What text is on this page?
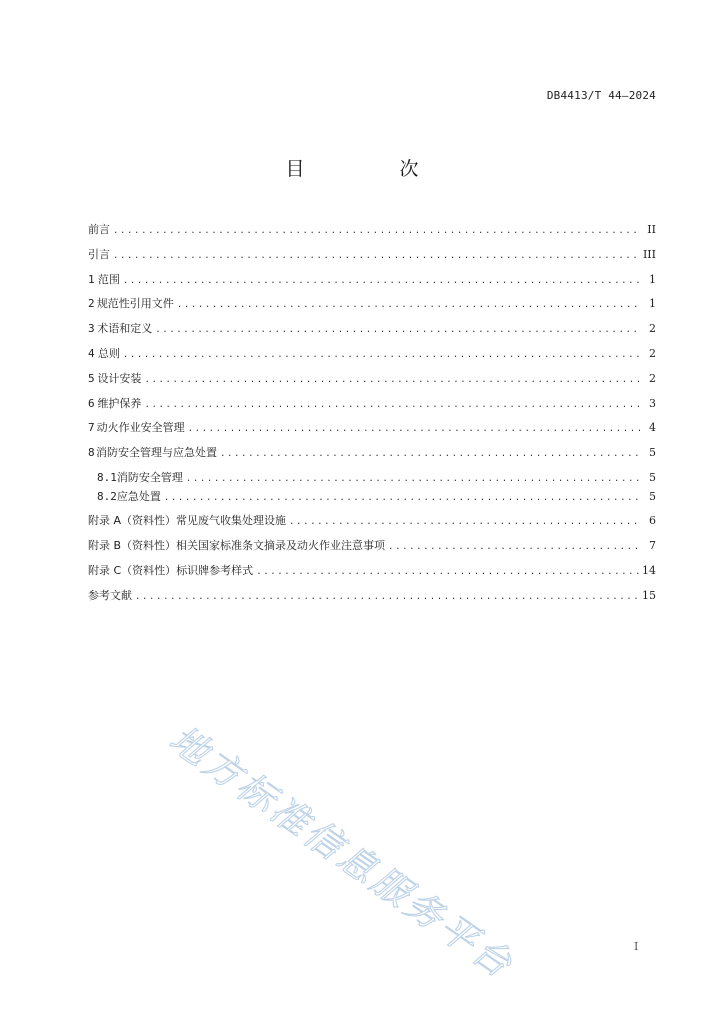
DB4413/T 44—2024
目　次
前言 .....	II
引言 .....	III
1 范围 .....	1
2 规范性引用文件 .....	1
3 术语和定义 .....	2
4 总则 .....	2
5 设计安装 .....	2
6 维护保养 .....	3
7 动火作业安全管理 .....	4
8 消防安全管理与应急处置 .....	5
8.1 消防安全管理 .....	5
8.2 应急处置 .....	5
附录 A（资料性） 常见废气收集处理设施 .....	6
附录 B（资料性） 相关国家标准条文摘录及动火作业注意事项 .....	7
附录 C（资料性） 标识牌参考样式 .....	14
参考文献 .....	15
地方标准信息服务平台	I
